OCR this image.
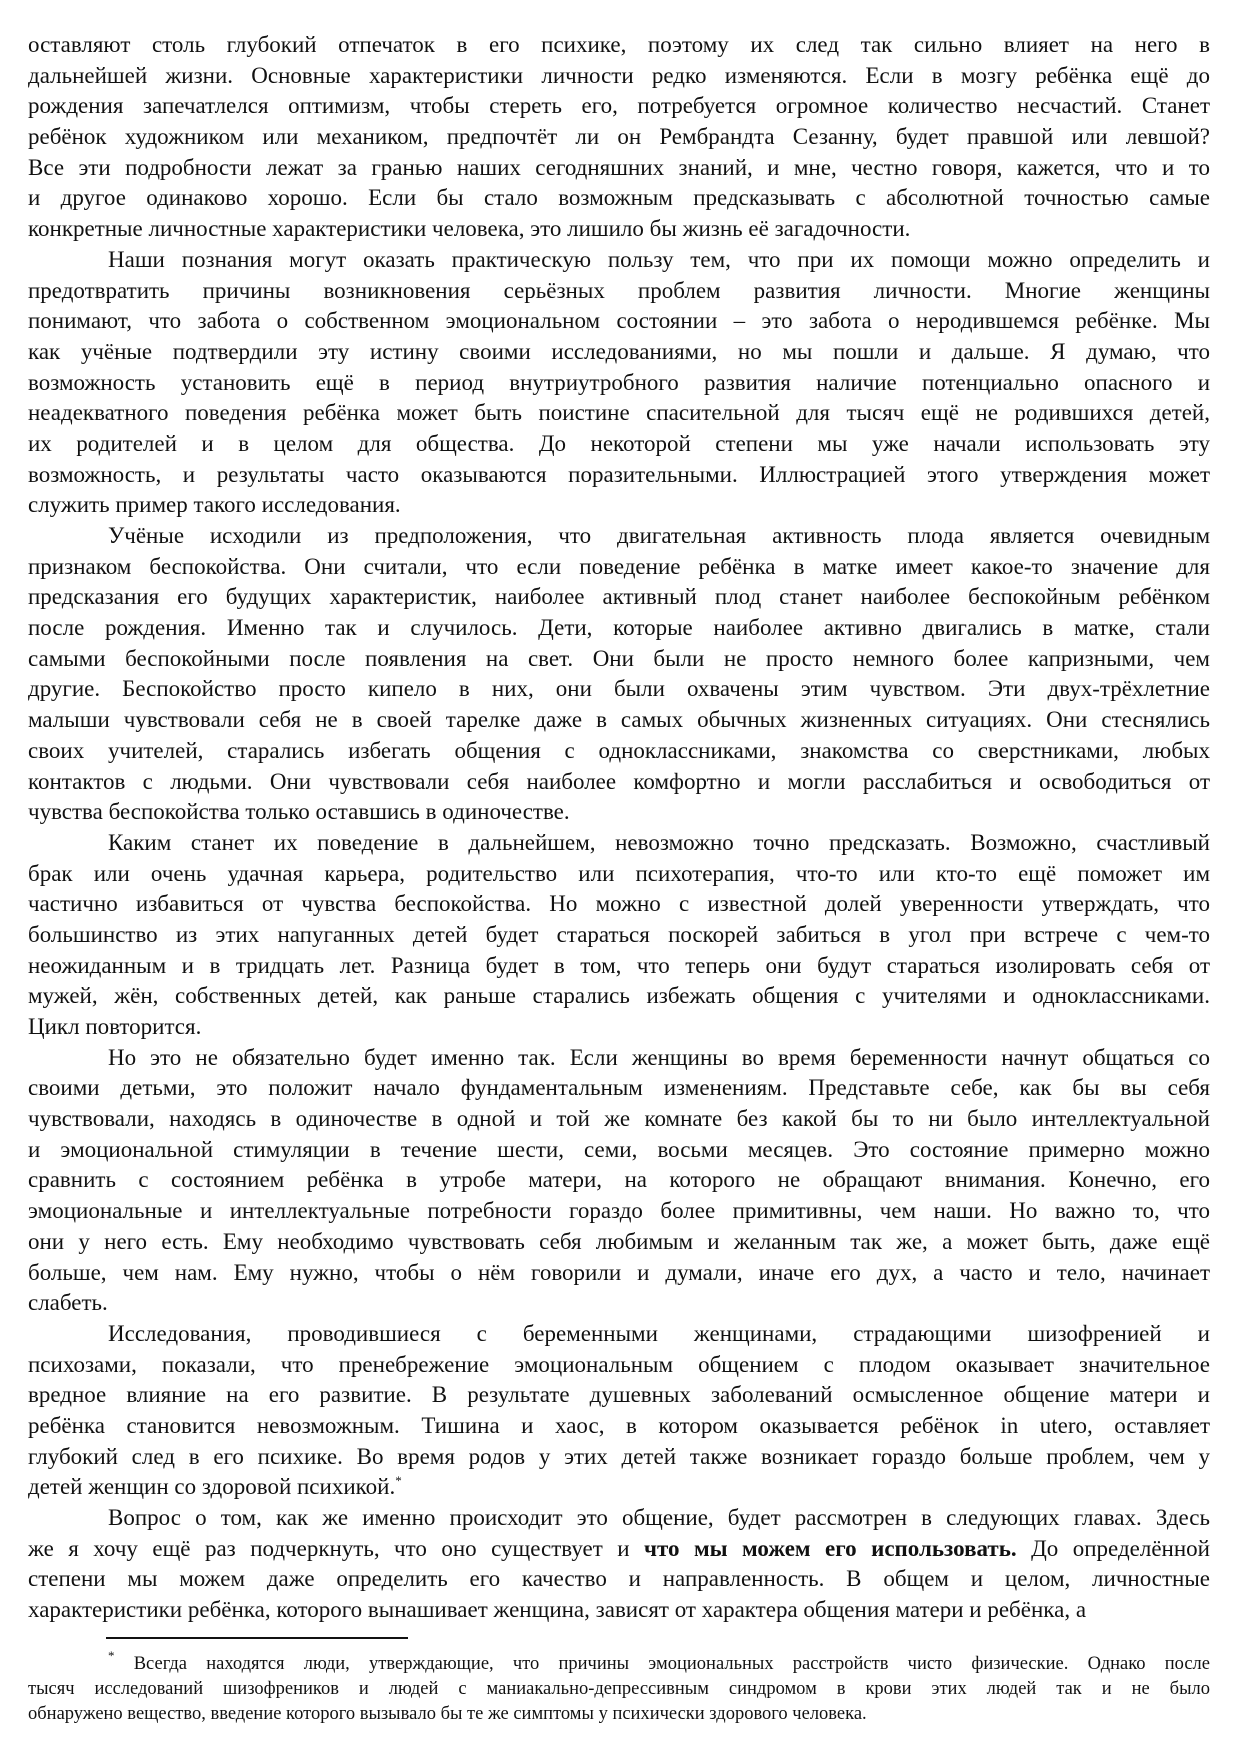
оставляют столь глубокий отпечаток в его психике, поэтому их след так сильно влияет на него в
дальнейшей жизни. Основные характеристики личности редко изменяются. Если в мозгу ребёнка ещё до
рождения запечатлелся оптимизм, чтобы стереть его, потребуется огромное количество несчастий. Станет
ребёнок художником или механиком, предпочтёт ли он Рембрандта Сезанну, будет правшой или левшой?
Все эти подробности лежат за гранью наших сегодняшних знаний, и мне, честно говоря, кажется, что и то
и другое одинаково хорошо. Если бы стало возможным предсказывать с абсолютной точностью самые
конкретные личностные характеристики человека, это лишило бы жизнь её загадочности.
Наши познания могут оказать практическую пользу тем, что при их помощи можно определить и
предотвратить причины возникновения серьёзных проблем развития личности. Многие женщины
понимают, что забота о собственном эмоциональном состоянии – это забота о неродившемся ребёнке. Мы
как учёные подтвердили эту истину своими исследованиями, но мы пошли и дальше. Я думаю, что
возможность установить ещё в период внутриутробного развития наличие потенциально опасного и
неадекватного поведения ребёнка может быть поистине спасительной для тысяч ещё не родившихся детей,
их родителей и в целом для общества. До некоторой степени мы уже начали использовать эту
возможность, и результаты часто оказываются поразительными. Иллюстрацией этого утверждения может
служить пример такого исследования.
Учёные исходили из предположения, что двигательная активность плода является очевидным
признаком беспокойства. Они считали, что если поведение ребёнка в матке имеет какое-то значение для
предсказания его будущих характеристик, наиболее активный плод станет наиболее беспокойным ребёнком
после рождения. Именно так и случилось. Дети, которые наиболее активно двигались в матке, стали
самыми беспокойными после появления на свет. Они были не просто немного более капризными, чем
другие. Беспокойство просто кипело в них, они были охвачены этим чувством. Эти двух-трёхлетние
малыши чувствовали себя не в своей тарелке даже в самых обычных жизненных ситуациях. Они стеснялись
своих учителей, старались избегать общения с одноклассниками, знакомства со сверстниками, любых
контактов с людьми. Они чувствовали себя наиболее комфортно и могли расслабиться и освободиться от
чувства беспокойства только оставшись в одиночестве.
Каким станет их поведение в дальнейшем, невозможно точно предсказать. Возможно, счастливый
брак или очень удачная карьера, родительство или психотерапия, что-то или кто-то ещё поможет им
частично избавиться от чувства беспокойства. Но можно с известной долей уверенности утверждать, что
большинство из этих напуганных детей будет стараться поскорей забиться в угол при встрече с чем-то
неожиданным и в тридцать лет. Разница будет в том, что теперь они будут стараться изолировать себя от
мужей, жён, собственных детей, как раньше старались избежать общения с учителями и одноклассниками.
Цикл повторится.
Но это не обязательно будет именно так. Если женщины во время беременности начнут общаться со
своими детьми, это положит начало фундаментальным изменениям. Представьте себе, как бы вы себя
чувствовали, находясь в одиночестве в одной и той же комнате без какой бы то ни было интеллектуальной
и эмоциональной стимуляции в течение шести, семи, восьми месяцев. Это состояние примерно можно
сравнить с состоянием ребёнка в утробе матери, на которого не обращают внимания. Конечно, его
эмоциональные и интеллектуальные потребности гораздо более примитивны, чем наши. Но важно то, что
они у него есть. Ему необходимо чувствовать себя любимым и желанным так же, а может быть, даже ещё
больше, чем нам. Ему нужно, чтобы о нём говорили и думали, иначе его дух, а часто и тело, начинает
слабеть.
Исследования, проводившиеся с беременными женщинами, страдающими шизофренией и
психозами, показали, что пренебрежение эмоциональным общением с плодом оказывает значительное
вредное влияние на его развитие. В результате душевных заболеваний осмысленное общение матери и
ребёнка становится невозможным. Тишина и хаос, в котором оказывается ребёнок in utero, оставляет
глубокий след в его психике. Во время родов у этих детей также возникает гораздо больше проблем, чем у
детей женщин со здоровой психикой.*
Вопрос о том, как же именно происходит это общение, будет рассмотрен в следующих главах. Здесь
же я хочу ещё раз подчеркнуть, что оно существует и что мы можем его использовать. До определённой
степени мы можем даже определить его качество и направленность. В общем и целом, личностные
характеристики ребёнка, которого вынашивает женщина, зависят от характера общения матери и ребёнка, а
* Всегда находятся люди, утверждающие, что причины эмоциональных расстройств чисто физические. Однако после
тысяч исследований шизофреников и людей с маниакально-депрессивным синдромом в крови этих людей так и не было
обнаружено вещество, введение которого вызывало бы те же симптомы у психически здорового человека.
